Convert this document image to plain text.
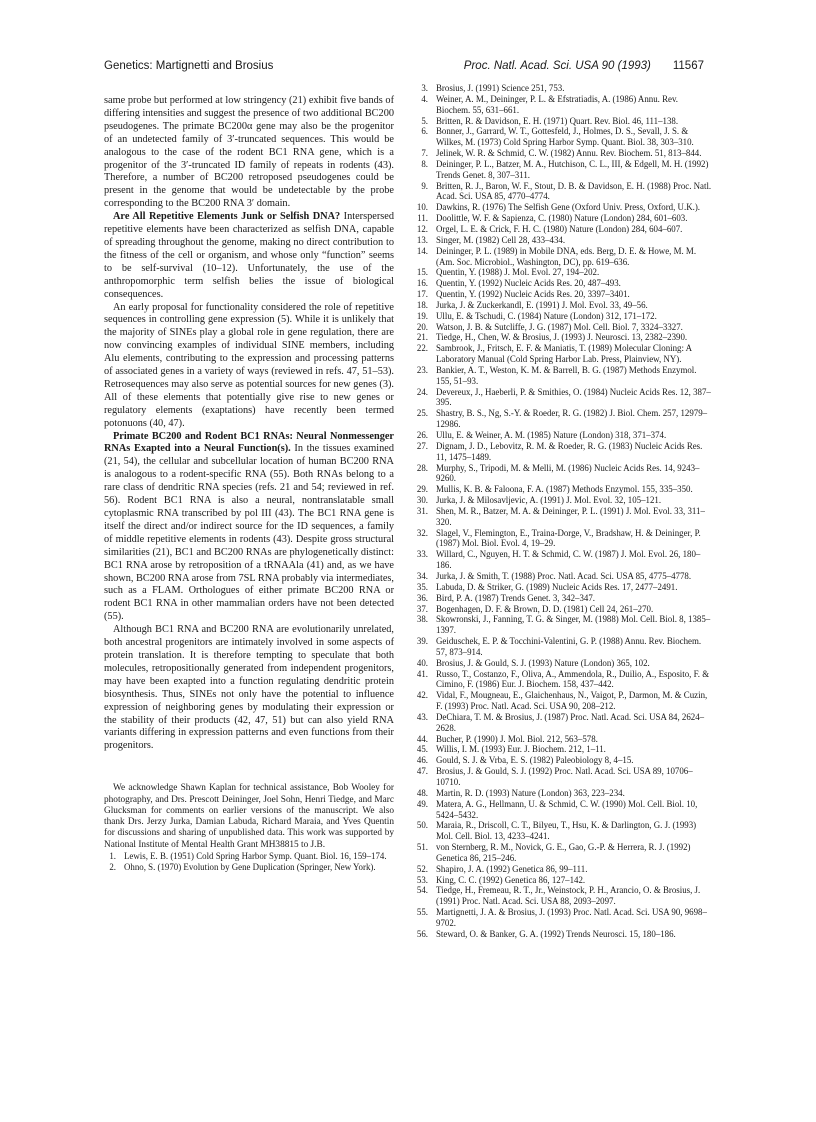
Genetics: Martignetti and Brosius	Proc. Natl. Acad. Sci. USA 90 (1993) 11567

same probe but performed at low stringency (21) exhibit five bands of differing intensities and suggest the presence of two additional BC200 pseudogenes. The primate BC200α gene may also be the progenitor of an undetected family of 3′-truncated sequences. This would be analogous to the case of the rodent BC1 RNA gene, which is a progenitor of the 3′-truncated ID family of repeats in rodents (43). Therefore, a number of BC200 retroposed pseudogenes could be present in the genome that would be undetectable by the probe corresponding to the BC200 RNA 3′ domain.

Are All Repetitive Elements Junk or Selfish DNA? Interspersed repetitive elements have been characterized as selfish DNA, capable of spreading throughout the genome, making no direct contribution to the fitness of the cell or organism, and whose only “function” seems to be self-survival (10–12). Unfortunately, the use of the anthropomorphic term selfish belies the issue of biological consequences.

An early proposal for functionality considered the role of repetitive sequences in controlling gene expression (5). While it is unlikely that the majority of SINEs play a global role in gene regulation, there are now convincing examples of individual SINE members, including Alu elements, contributing to the expression and processing patterns of associated genes in a variety of ways (reviewed in refs. 47, 51–53). Retrosequences may also serve as potential sources for new genes (3). All of these elements that potentially give rise to new genes or regulatory elements (exaptations) have recently been termed potonuons (40, 47).

Primate BC200 and Rodent BC1 RNAs: Neural Nonmessenger RNAs Exapted into a Neural Function(s). In the tissues examined (21, 54), the cellular and subcellular location of human BC200 RNA is analogous to a rodent-specific RNA (55). Both RNAs belong to a rare class of dendritic RNA species (refs. 21 and 54; reviewed in ref. 56). Rodent BC1 RNA is also a neural, nontranslatable small cytoplasmic RNA transcribed by pol III (43). The BC1 RNA gene is itself the direct and/or indirect source for the ID sequences, a family of middle repetitive elements in rodents (43). Despite gross structural similarities (21), BC1 and BC200 RNAs are phylogenetically distinct: BC1 RNA arose by retroposition of a tRNAAla (41) and, as we have shown, BC200 RNA arose from 7SL RNA probably via intermediates, such as a FLAM. Orthologues of either primate BC200 RNA or rodent BC1 RNA in other mammalian orders have not been detected (55).

Although BC1 RNA and BC200 RNA are evolutionarily unrelated, both ancestral progenitors are intimately involved in some aspects of protein translation. It is therefore tempting to speculate that both molecules, retropositionally generated from independent progenitors, may have been exapted into a function regulating dendritic protein biosynthesis. Thus, SINEs not only have the potential to influence expression of neighboring genes by modulating their expression or the stability of their products (42, 47, 51) but can also yield RNA variants differing in expression patterns and even functions from their progenitors.

We acknowledge Shawn Kaplan for technical assistance, Bob Wooley for photography, and Drs. Prescott Deininger, Joel Sohn, Henri Tiedge, and Marc Glucksman for comments on earlier versions of the manuscript. We also thank Drs. Jerzy Jurka, Damian Labuda, Richard Maraia, and Yves Quentin for discussions and sharing of unpublished data. This work was supported by National Institute of Mental Health Grant MH38815 to J.B.

1. Lewis, E. B. (1951) Cold Spring Harbor Symp. Quant. Biol. 16, 159–174.
2. Ohno, S. (1970) Evolution by Gene Duplication (Springer, New York).
3. Brosius, J. (1991) Science 251, 753.
4. Weiner, A. M., Deininger, P. L. & Efstratiadis, A. (1986) Annu. Rev. Biochem. 55, 631–661.
5. Britten, R. & Davidson, E. H. (1971) Quart. Rev. Biol. 46, 111–138.
6. Bonner, J., Garrard, W. T., Gottesfeld, J., Holmes, D. S., Sevall, J. S. & Wilkes, M. (1973) Cold Spring Harbor Symp. Quant. Biol. 38, 303–310.
7. Jelinek, W. R. & Schmid, C. W. (1982) Annu. Rev. Biochem. 51, 813–844.
8. Deininger, P. L., Batzer, M. A., Hutchison, C. L., III, & Edgell, M. H. (1992) Trends Genet. 8, 307–311.
9. Britten, R. J., Baron, W. F., Stout, D. B. & Davidson, E. H. (1988) Proc. Natl. Acad. Sci. USA 85, 4770–4774.
10. Dawkins, R. (1976) The Selfish Gene (Oxford Univ. Press, Oxford, U.K.).
11. Doolittle, W. F. & Sapienza, C. (1980) Nature (London) 284, 601–603.
12. Orgel, L. E. & Crick, F. H. C. (1980) Nature (London) 284, 604–607.
13. Singer, M. (1982) Cell 28, 433–434.
14. Deininger, P. L. (1989) in Mobile DNA, eds. Berg, D. E. & Howe, M. M. (Am. Soc. Microbiol., Washington, DC), pp. 619–636.
15. Quentin, Y. (1988) J. Mol. Evol. 27, 194–202.
16. Quentin, Y. (1992) Nucleic Acids Res. 20, 487–493.
17. Quentin, Y. (1992) Nucleic Acids Res. 20, 3397–3401.
18. Jurka, J. & Zuckerkandl, E. (1991) J. Mol. Evol. 33, 49–56.
19. Ullu, E. & Tschudi, C. (1984) Nature (London) 312, 171–172.
20. Watson, J. B. & Sutcliffe, J. G. (1987) Mol. Cell. Biol. 7, 3324–3327.
21. Tiedge, H., Chen, W. & Brosius, J. (1993) J. Neurosci. 13, 2382–2390.
22. Sambrook, J., Fritsch, E. F. & Maniatis, T. (1989) Molecular Cloning: A Laboratory Manual (Cold Spring Harbor Lab. Press, Plainview, NY).
23. Bankier, A. T., Weston, K. M. & Barrell, B. G. (1987) Methods Enzymol. 155, 51–93.
24. Devereux, J., Haeberli, P. & Smithies, O. (1984) Nucleic Acids Res. 12, 387–395.
25. Shastry, B. S., Ng, S.-Y. & Roeder, R. G. (1982) J. Biol. Chem. 257, 12979–12986.
26. Ullu, E. & Weiner, A. M. (1985) Nature (London) 318, 371–374.
27. Dignam, J. D., Lebovitz, R. M. & Roeder, R. G. (1983) Nucleic Acids Res. 11, 1475–1489.
28. Murphy, S., Tripodi, M. & Melli, M. (1986) Nucleic Acids Res. 14, 9243–9260.
29. Mullis, K. B. & Faloona, F. A. (1987) Methods Enzymol. 155, 335–350.
30. Jurka, J. & Milosavljevic, A. (1991) J. Mol. Evol. 32, 105–121.
31. Shen, M. R., Batzer, M. A. & Deininger, P. L. (1991) J. Mol. Evol. 33, 311–320.
32. Slagel, V., Flemington, E., Traina-Dorge, V., Bradshaw, H. & Deininger, P. (1987) Mol. Biol. Evol. 4, 19–29.
33. Willard, C., Nguyen, H. T. & Schmid, C. W. (1987) J. Mol. Evol. 26, 180–186.
34. Jurka, J. & Smith, T. (1988) Proc. Natl. Acad. Sci. USA 85, 4775–4778.
35. Labuda, D. & Striker, G. (1989) Nucleic Acids Res. 17, 2477–2491.
36. Bird, P. A. (1987) Trends Genet. 3, 342–347.
37. Bogenhagen, D. F. & Brown, D. D. (1981) Cell 24, 261–270.
38. Skowronski, J., Fanning, T. G. & Singer, M. (1988) Mol. Cell. Biol. 8, 1385–1397.
39. Geiduschek, E. P. & Tocchini-Valentini, G. P. (1988) Annu. Rev. Biochem. 57, 873–914.
40. Brosius, J. & Gould, S. J. (1993) Nature (London) 365, 102.
41. Russo, T., Costanzo, F., Oliva, A., Ammendola, R., Duilio, A., Esposito, F. & Cimino, F. (1986) Eur. J. Biochem. 158, 437–442.
42. Vidal, F., Mougneau, E., Glaichenhaus, N., Vaigot, P., Darmon, M. & Cuzin, F. (1993) Proc. Natl. Acad. Sci. USA 90, 208–212.
43. DeChiara, T. M. & Brosius, J. (1987) Proc. Natl. Acad. Sci. USA 84, 2624–2628.
44. Bucher, P. (1990) J. Mol. Biol. 212, 563–578.
45. Willis, I. M. (1993) Eur. J. Biochem. 212, 1–11.
46. Gould, S. J. & Vrba, E. S. (1982) Paleobiology 8, 4–15.
47. Brosius, J. & Gould, S. J. (1992) Proc. Natl. Acad. Sci. USA 89, 10706–10710.
48. Martin, R. D. (1993) Nature (London) 363, 223–234.
49. Matera, A. G., Hellmann, U. & Schmid, C. W. (1990) Mol. Cell. Biol. 10, 5424–5432.
50. Maraia, R., Driscoll, C. T., Bilyeu, T., Hsu, K. & Darlington, G. J. (1993) Mol. Cell. Biol. 13, 4233–4241.
51. von Sternberg, R. M., Novick, G. E., Gao, G.-P. & Herrera, R. J. (1992) Genetica 86, 215–246.
52. Shapiro, J. A. (1992) Genetica 86, 99–111.
53. King, C. C. (1992) Genetica 86, 127–142.
54. Tiedge, H., Fremeau, R. T., Jr., Weinstock, P. H., Arancio, O. & Brosius, J. (1991) Proc. Natl. Acad. Sci. USA 88, 2093–2097.
55. Martignetti, J. A. & Brosius, J. (1993) Proc. Natl. Acad. Sci. USA 90, 9698–9702.
56. Steward, O. & Banker, G. A. (1992) Trends Neurosci. 15, 180–186.
